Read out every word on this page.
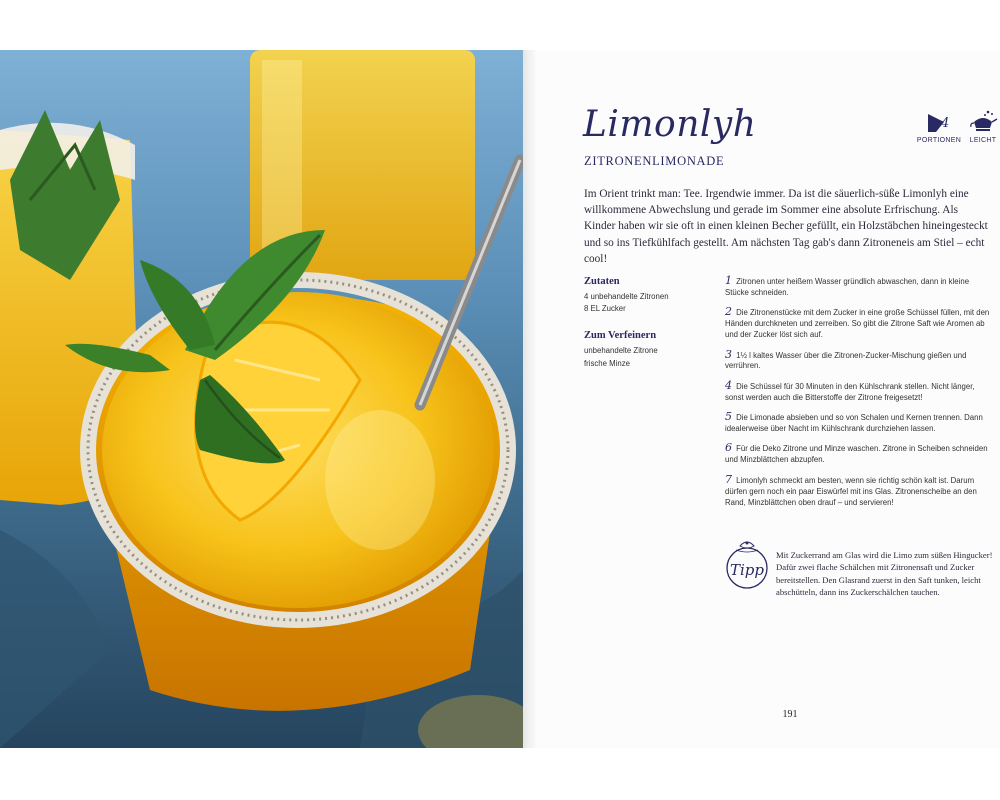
Limonlyh
ZITRONENLIMONADE
4
PORTIONEN	LEICHT
Im Orient trinkt man: Tee. Irgendwie immer. Da ist die säuerlich-süße Limonlyh eine willkommene Abwechslung und gerade im Sommer eine absolute Erfrischung. Als Kinder haben wir sie oft in einen kleinen Becher gefüllt, ein Holzstäbchen hineingesteckt und so ins Tiefkühlfach gestellt. Am nächsten Tag gab's dann Zitroneneis am Stiel – echt cool!
Zutaten
4 unbehandelte Zitronen
8 EL Zucker
Zum Verfeinern
unbehandelte Zitrone
frische Minze
1 Zitronen unter heißem Wasser gründlich abwaschen, dann in kleine Stücke schneiden.
2 Die Zitronenstücke mit dem Zucker in eine große Schüssel füllen, mit den Händen durchkneten und zerreiben. So gibt die Zitrone Saft wie Aromen ab und der Zucker löst sich auf.
3 1½ l kaltes Wasser über die Zitronen-Zucker-Mischung gießen und verrühren.
4 Die Schüssel für 30 Minuten in den Kühlschrank stellen. Nicht länger, sonst werden auch die Bitterstoffe der Zitrone freigesetzt!
5 Die Limonade absieben und so von Schalen und Kernen trennen. Dann idealerweise über Nacht im Kühlschrank durchziehen lassen.
6 Für die Deko Zitrone und Minze waschen. Zitrone in Scheiben schneiden und Minzblättchen abzupfen.
7 Limonlyh schmeckt am besten, wenn sie richtig schön kalt ist. Darum dürfen gern noch ein paar Eiswürfel mit ins Glas. Zitronenscheibe an den Rand, Minzblättchen oben drauf – und servieren!
Tipp
Mit Zuckerrand am Glas wird die Limo zum süßen Hingucker! Dafür zwei flache Schälchen mit Zitronensaft und Zucker bereitstellen. Den Glasrand zuerst in den Saft tunken, leicht abschütteln, dann ins Zuckerschälchen tauchen.
191
